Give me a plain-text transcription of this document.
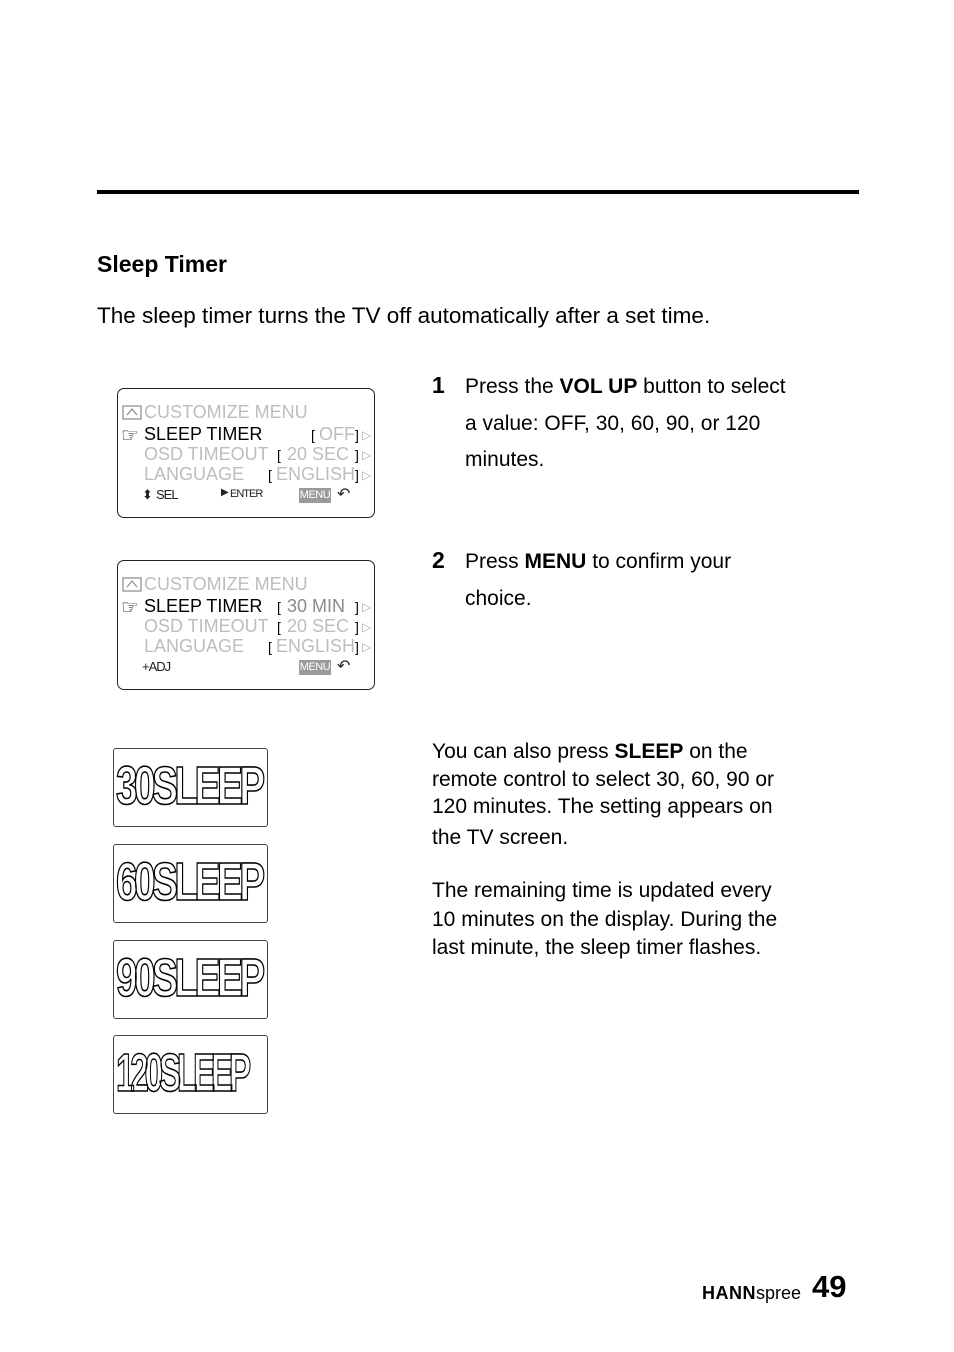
Sleep Timer
The sleep timer turns the TV off automatically after a set time.
1 Press the VOL UP button to select
a value: OFF, 30, 60, 90, or 120
minutes.
2 Press MENU to confirm your
choice.
CUSTOMIZE MENU
☞ SLEEP TIMER	[ OFF ] ▷
OSD TIMEOUT [ 20 SEC ] ▷
LANGUAGE [ ENGLISH ] ▷
⬍ SEL	▶ ENTER	MENU ↶
CUSTOMIZE MENU
☞ SLEEP TIMER [ 30 MIN ] ▷
OSD TIMEOUT [ 20 SEC ] ▷
LANGUAGE [ ENGLISH ] ▷
+ADJ	MENU ↶
30SLEEP
60SLEEP
90SLEEP
120SLEEP
You can also press SLEEP on the
remote control to select 30, 60, 90 or
120 minutes. The setting appears on
the TV screen.
The remaining time is updated every
10 minutes on the display. During the
last minute, the sleep timer flashes.
HANNspree 49
